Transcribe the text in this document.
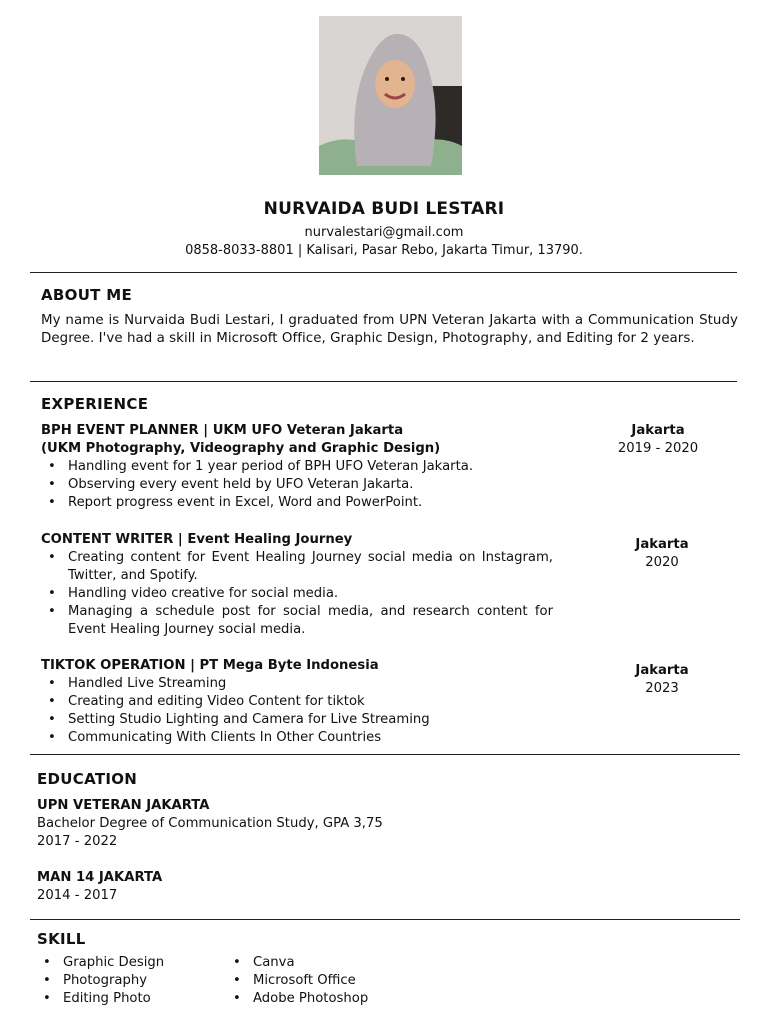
NURVAIDA BUDI LESTARI
nurvalestari@gmail.com
0858-8033-8801 | Kalisari, Pasar Rebo, Jakarta Timur, 13790.
ABOUT ME
My name is Nurvaida Budi Lestari, I graduated from UPN Veteran Jakarta with a Communication Study Degree. I've had a skill in Microsoft Office, Graphic Design, Photography, and Editing for 2 years.
EXPERIENCE
BPH EVENT PLANNER | UKM UFO Veteran Jakarta
(UKM Photography, Videography and Graphic Design)
• Handling event for 1 year period of BPH UFO Veteran Jakarta.
• Observing every event held by UFO Veteran Jakarta.
• Report progress event in Excel, Word and PowerPoint.
Jakarta
2019 - 2020
CONTENT WRITER | Event Healing Journey
• Creating content for Event Healing Journey social media on Instagram, Twitter, and Spotify.
• Handling video creative for social media.
• Managing a schedule post for social media, and research content for Event Healing Journey social media.
Jakarta
2020
TIKTOK OPERATION | PT Mega Byte Indonesia
• Handled Live Streaming
• Creating and editing Video Content for tiktok
• Setting Studio Lighting and Camera for Live Streaming
• Communicating With Clients In Other Countries
Jakarta
2023
EDUCATION
UPN VETERAN JAKARTA
Bachelor Degree of Communication Study, GPA 3,75
2017 - 2022
MAN 14 JAKARTA
2014 - 2017
SKILL
• Graphic Design
• Photography
• Editing Photo
• Canva
• Microsoft Office
• Adobe Photoshop
